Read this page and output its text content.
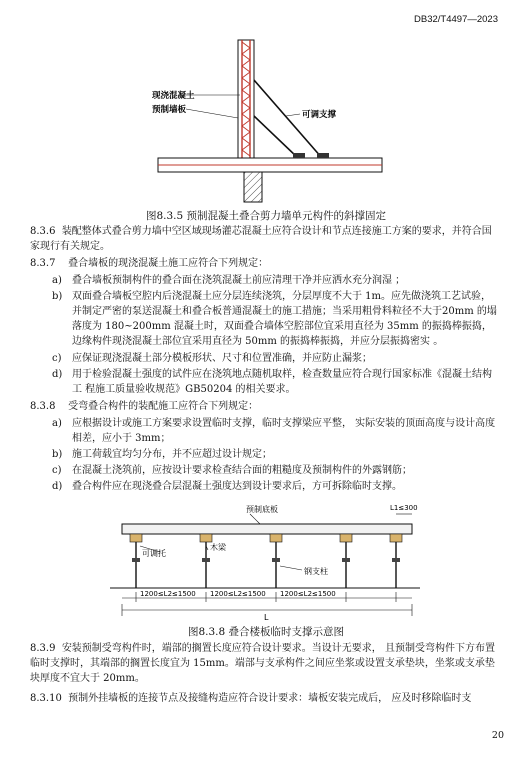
DB32/T4497—2023
现浇混凝土
预制墙板	可调支撑
图8.3.5 预制混凝土叠合剪力墙单元构件的斜撑固定
8.3.6 装配整体式叠合剪力墙中空区域现场灌芯混凝土应符合设计和节点连接施工方案的要求，并符合国家现行有关规定。
8.3.7 叠合墙板的现浇混凝土施工应符合下列规定：
a)	叠合墙板预制构件的叠合面在浇筑混凝土前应清理干净并应洒水充分润湿 ；
b) 双面叠合墙板空腔内后浇混凝土应分层连续浇筑，分层厚度不大于 1m。应先做浇筑工艺试验，并制定严密的泵送混凝土和叠合板普通混凝土的施工措施；当采用粗骨料粒径不大于20mm 的塌落度为 180~200mm 混凝土时，双面叠合墙体空腔部位宜采用直径为 35mm 的振捣棒振捣，边缘构件现浇混凝土部位宜采用直径为 50mm 的振捣棒振捣，并应分层振捣密实 。
c)	应保证现浇混凝土部分模板形状、尺寸和位置准确，并应防止漏浆；
d) 用于检验混凝土强度的试件应在浇筑地点随机取样，检查数量应符合现行国家标准《混凝土结构工 程施工质量验收规范》GB50204 的相关要求。
8.3.8 受弯叠合构件的装配施工应符合下列规定：
a)	应根据设计或施工方案要求设置临时支撑，临时支撑梁应平整， 实际安装的顶面高度与设计高度相差，应小于 3mm；
b) 施工荷载宜均匀分布，并不应超过设计规定；
c)	在混凝土浇筑前，应按设计要求检查结合面的粗糙度及预制构件的外露钢筋；
d) 叠合构件应在现浇叠合层混凝土强度达到设计要求后，方可拆除临时支撑。
预制底板	L1≤300
可调托
木梁
钢支柱
1200≤L2≤1500 1200≤L2≤1500 1200≤L2≤1500
L
图8.3.8 叠合楼板临时支撑示意图
8.3.9 安装预制受弯构件时，端部的搁置长度应符合设计要求。当设计无要求， 且预制受弯构件下方布置临时支撑时，其端部的搁置长度宜为 15mm。端部与支承构件之间应坐浆或设置支承垫块，坐浆或支承垫块厚度不宜大于 20mm。
8.3.10 预制外挂墙板的连接节点及接缝构造应符合设计要求：墙板安装完成后， 应及时移除临时支
20
